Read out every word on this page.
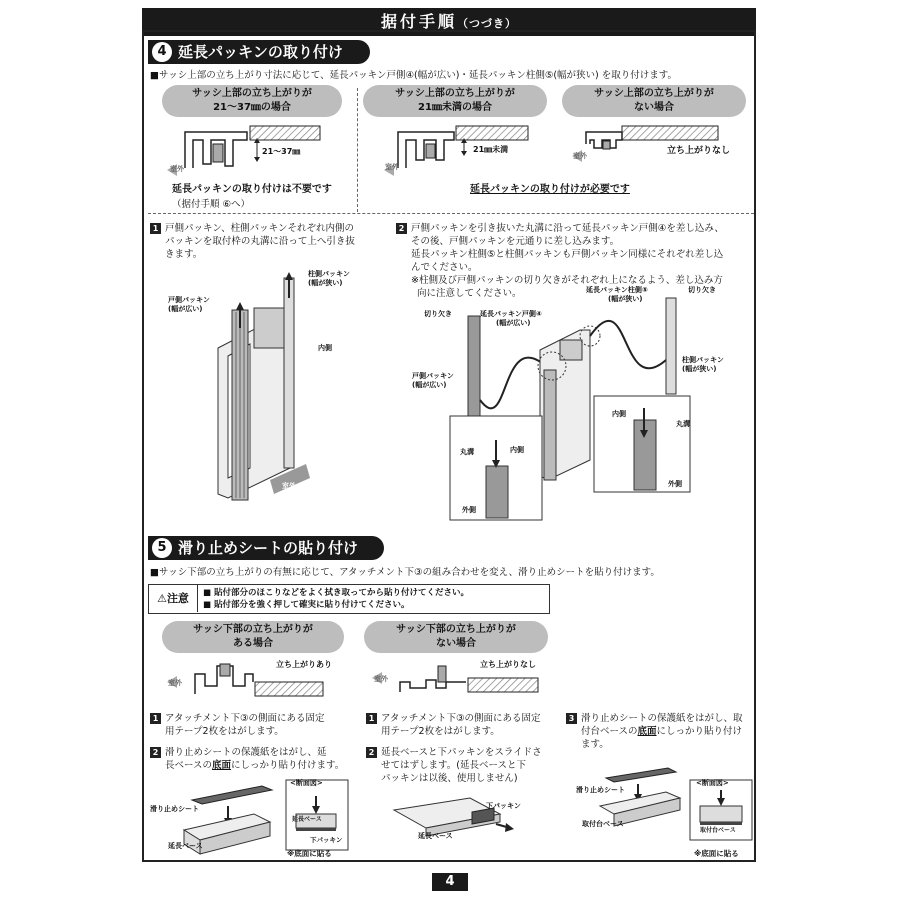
据付手順（つづき）
4 延長パッキンの取り付け
■サッシ上部の立ち上がり寸法に応じて、延長パッキン戸側④(幅が広い)・延長パッキン柱側⑤(幅が狭い) を取り付けます。
サッシ上部の立ち上がりが
21～37㎜の場合
サッシ上部の立ち上がりが
21㎜未満の場合
サッシ上部の立ち上がりが
ない場合
21～37㎜
室外
21㎜未満
室外
立ち上がりなし
室外
延長パッキンの取り付けは不要です
（据付手順 ⑥へ）
延長パッキンの取り付けが必要です
1 戸側パッキン、柱側パッキンそれぞれ内側の
パッキンを取付枠の丸溝に沿って上へ引き抜
きます。
柱側パッキン
(幅が狭い)
戸側パッキン
(幅が広い)
内側
室外
2 戸側パッキンを引き抜いた丸溝に沿って延長パッキン戸側④を差し込み、
その後、戸側パッキンを元通りに差し込みます。
延長パッキン柱側⑤と柱側パッキンも戸側パッキン同様にそれぞれ差し込
んでください。
※柱側及び戸側パッキンの切り欠きがそれぞれ上になるよう、差し込み方
向に注意してください。	延長パッキン柱側⑤
(幅が狭い)
切り欠き
切り欠き	延長パッキン戸側④
(幅が広い)
柱側パッキン
(幅が狭い)
戸側パッキン
(幅が広い)
内側
丸溝
丸溝	内側
外側
外側
5 滑り止めシートの貼り付け
■サッシ下部の立ち上がりの有無に応じて、アタッチメント下③の組み合わせを変え、滑り止めシートを貼り付けます。
⚠注意	■ 貼付部分のほこりなどをよく拭き取ってから貼り付けてください。
■ 貼付部分を強く押して確実に貼り付けてください。
サッシ下部の立ち上がりが
ある場合
サッシ下部の立ち上がりが
ない場合
立ち上がりあり
室外
立ち上がりなし
室外
1 アタッチメント下③の側面にある固定
用テープ2枚をはがします。
2 滑り止めシートの保護紙をはがし、延
長ベースの底面にしっかり貼り付けます。
<断面図>
滑り止めシート
延長ベース
下パッキン
延長ベース
※底面に貼る
1 アタッチメント下③の側面にある固定
用テープ2枚をはがします。
2 延長ベースと下パッキンをスライドさ
せてはずします。(延長ベースと下
パッキンは以後、使用しません)
下パッキン
延長ベース
3 滑り止めシートの保護紙をはがし、取
付台ベースの底面にしっかり貼り付け
ます。
<断面図>
滑り止めシート
取付台ベース
取付台ベース
※底面に貼る
4
